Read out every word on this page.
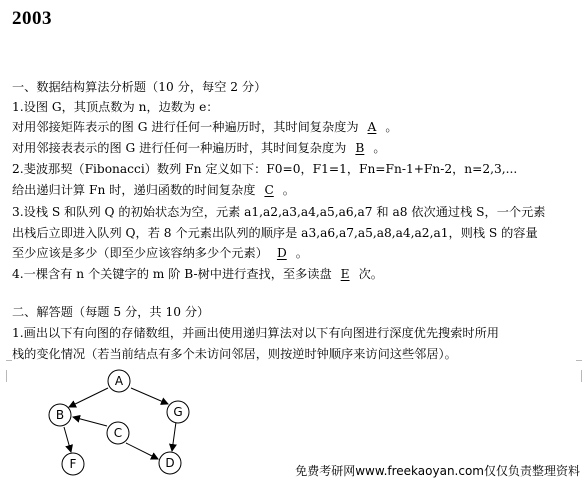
2003
一、数据结构算法分析题（10 分，每空 2 分）
1.设图 G，其顶点数为 n，边数为 e：
对用邻接矩阵表示的图 G 进行任何一种遍历时，其时间复杂度为 A 。
对用邻接表表示的图 G 进行任何一种遍历时，其时间复杂度为 B 。
2.斐波那契（Fibonacci）数列 Fn 定义如下：F0=0，F1=1，Fn=Fn-1+Fn-2，n=2,3,...
给出递归计算 Fn 时，递归函数的时间复杂度 C 。
3.设栈 S 和队列 Q 的初始状态为空，元素 a1,a2,a3,a4,a5,a6,a7 和 a8 依次通过栈 S，一个元素
出栈后立即进入队列 Q，若 8 个元素出队列的顺序是 a3,a6,a7,a5,a8,a4,a2,a1，则栈 S 的容量
至少应该是多少（即至少应该容纳多少个元素） D 。
4.一棵含有 n 个关键字的 m 阶 B-树中进行查找，至多读盘 E 次。
二、解答题（每题 5 分，共 10 分）
1.画出以下有向图的存储数组，并画出使用递归算法对以下有向图进行深度优先搜索时所用
栈的变化情况（若当前结点有多个未访问邻居，则按逆时钟顺序来访问这些邻居）。
A
B
C
G
F	D
免费考研网www.freekaoyan.com仅仅负责整理资料
